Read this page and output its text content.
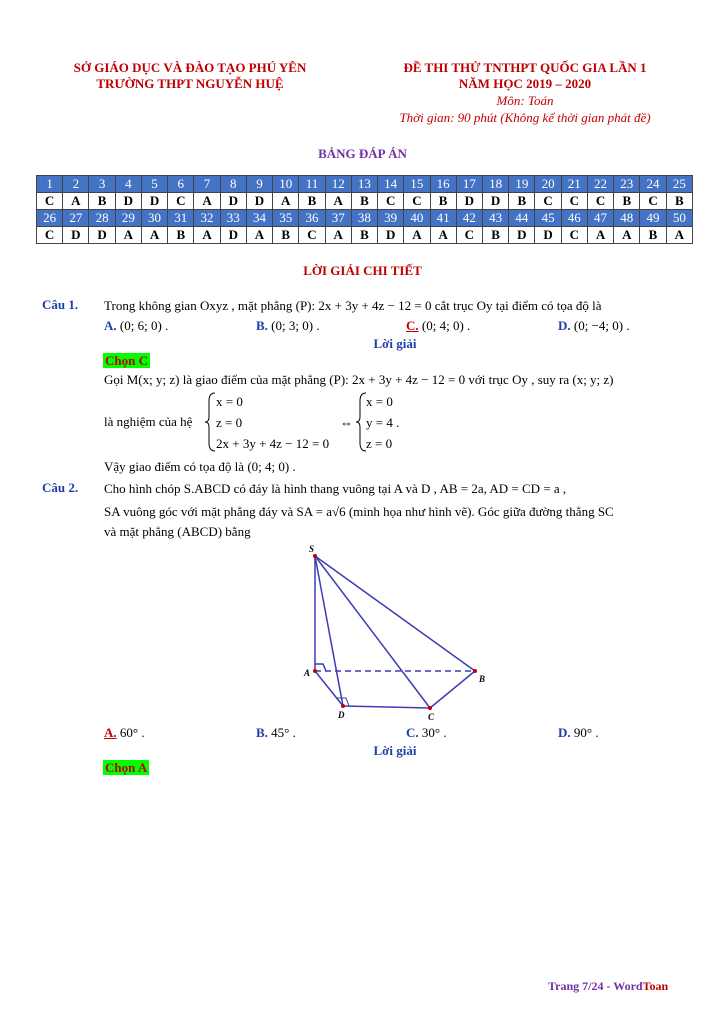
SỞ GIÁO DỤC VÀ ĐÀO TẠO PHÚ YÊN
TRƯỜNG THPT NGUYỄN HUỆ
ĐỀ THI THỬ TNTHPT QUỐC GIA LẦN 1
NĂM HỌC 2019 – 2020
Môn: Toán
Thời gian: 90 phút (Không kể thời gian phát đề)
BẢNG ĐÁP ÁN
1	2	3	4	5	6	7	8	9	10	11	12	13	14	15	16	17	18	19	20	21	22	23	24	25
C	A	B	D	D	C	A	D	D	A	B	A	B	C	C	B	D	D	B	C	C	C	B	C	B
26	27	28	29	30	31	32	33	34	35	36	37	38	39	40	41	42	43	44	45	46	47	48	49	50
C	D	D	A	A	B	A	D	A	B	C	A	B	D	A	A	C	B	D	D	C	A	A	B	A
LỜI GIẢI CHI TIẾT
Câu 1. Trong không gian Oxyz , mặt phẳng (P): 2x + 3y + 4z − 12 = 0 cắt trục Oy tại điểm có tọa độ là
A. (0; 6; 0) .	B. (0; 3; 0) .	C. (0; 4; 0) .	D. (0; −4; 0) .
Lời giải
Chọn C
Gọi M(x; y; z) là giao điểm của mặt phẳng (P): 2x + 3y + 4z − 12 = 0 với trục Oy , suy ra (x; y; z)
là nghiệm của hệ
x = 0
z = 0
2x + 3y + 4z − 12 = 0
⇔
x = 0
y = 4 .
z = 0
Vậy giao điểm có tọa độ là (0; 4; 0) .
Câu 2. Cho hình chóp S.ABCD có đáy là hình thang vuông tại A và D , AB = 2a, AD = CD = a ,
SA vuông góc với mặt phẳng đáy và SA = a√6 (minh họa như hình vẽ). Góc giữa đường thẳng SC
và mặt phẳng (ABCD) bằng
S
A
B
C
D
A. 60° .	B. 45° .	C. 30° .	D. 90° .
Lời giải
Chọn A
Trang 7/24 - WordToan
